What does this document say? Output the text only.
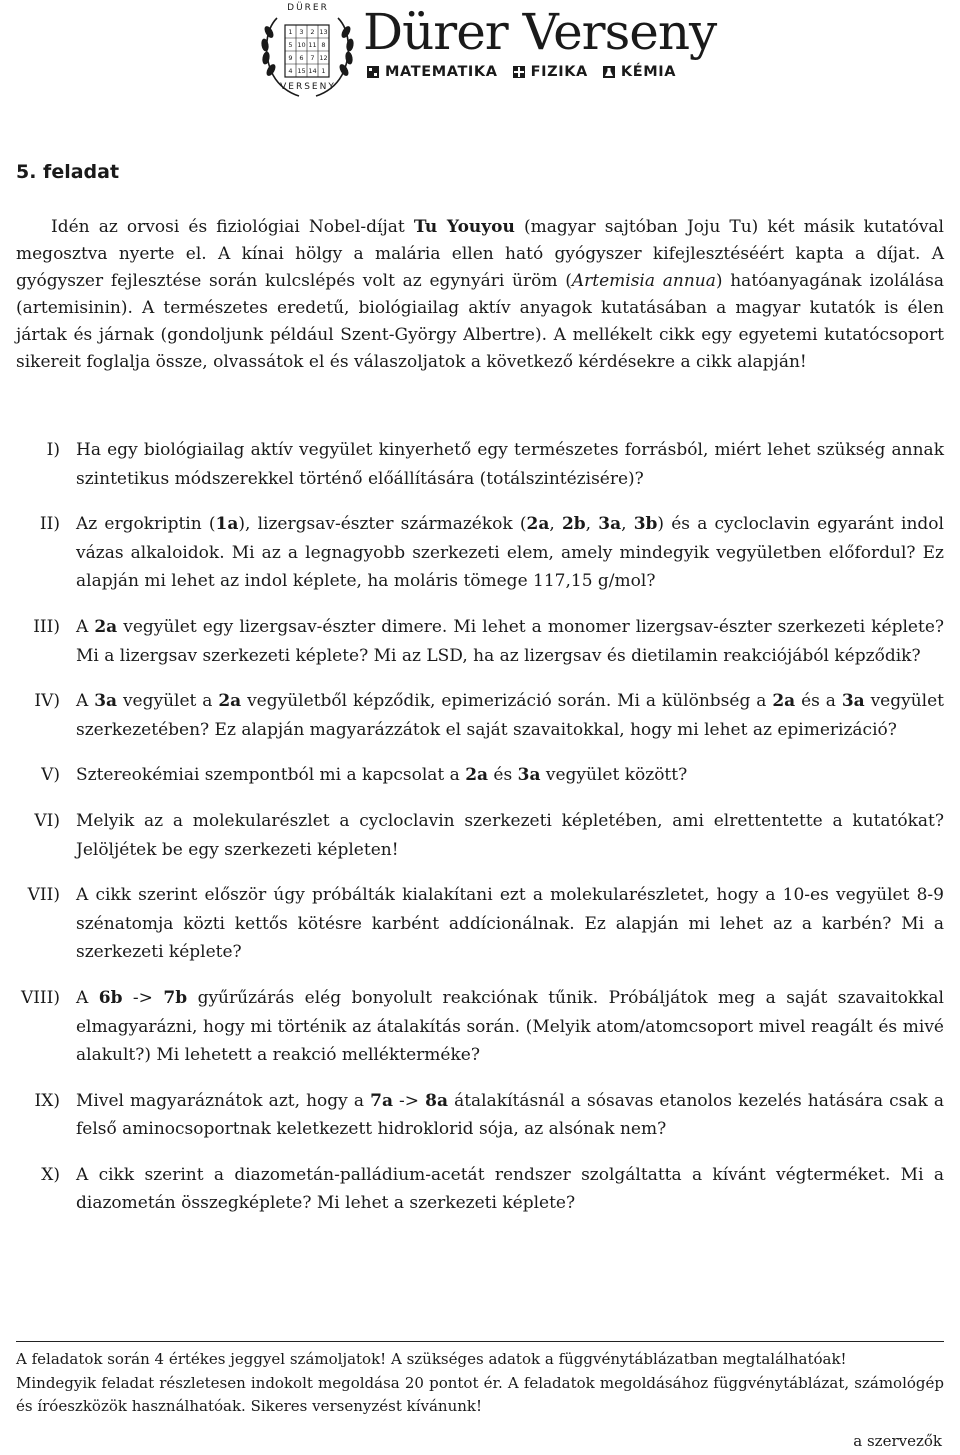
1 3 2 13
5 10 11 8
9 6 7 12
4 15 14 1
DÜRER
VERSENY
Dürer Verseny
MATEMATIKA FIZIKA KÉMIA
5. feladat

Idén az orvosi és fiziológiai Nobel-díjat Tu Youyou (magyar sajtóban Joju Tu) két másik kutatóval megosztva nyerte el. A kínai hölgy a malária ellen ható gyógyszer kifejlesztéséért kapta a díjat. A gyógyszer fejlesztése során kulcslépés volt az egynyári üröm (Artemisia annua) hatóanyagának izolálása (artemisinin). A természetes eredetű, biológiailag aktív anyagok kutatásában a magyar kutatók is élen jártak és járnak (gondoljunk például Szent-György Albertre). A mellékelt cikk egy egyetemi kutatócsoport sikereit foglalja össze, olvassátok el és válaszoljatok a következő kérdésekre a cikk alapján!

I) Ha egy biológiailag aktív vegyület kinyerhető egy természetes forrásból, miért lehet szükség annak szintetikus módszerekkel történő előállítására (totálszintézisére)?
II) Az ergokriptin (1a), lizergsav-észter származékok (2a, 2b, 3a, 3b) és a cycloclavin egyaránt indol vázas alkaloidok. Mi az a legnagyobb szerkezeti elem, amely mindegyik vegyületben előfordul? Ez alapján mi lehet az indol képlete, ha moláris tömege 117,15 g/mol?
III) A 2a vegyület egy lizergsav-észter dimere. Mi lehet a monomer lizergsav-észter szerkezeti képlete? Mi a lizergsav szerkezeti képlete? Mi az LSD, ha az lizergsav és dietilamin reakciójából képződik?
IV) A 3a vegyület a 2a vegyületből képződik, epimerizáció során. Mi a különbség a 2a és a 3a vegyület szerkezetében? Ez alapján magyarázzátok el saját szavaitokkal, hogy mi lehet az epimerizáció?
V) Sztereokémiai szempontból mi a kapcsolat a 2a és 3a vegyület között?
VI) Melyik az a molekularészlet a cycloclavin szerkezeti képletében, ami elrettentette a kutatókat? Jelöljétek be egy szerkezeti képleten!
VII) A cikk szerint először úgy próbálták kialakítani ezt a molekularészletet, hogy a 10-es vegyület 8-9 szénatomja közti kettős kötésre karbént addícionálnak. Ez alapján mi lehet az a karbén? Mi a szerkezeti képlete?
VIII) A 6b -> 7b gyűrűzárás elég bonyolult reakciónak tűnik. Próbáljátok meg a saját szavaitokkal elmagyarázni, hogy mi történik az átalakítás során. (Melyik atom/atomcsoport mivel reagált és mivé alakult?) Mi lehetett a reakció mellékterméke?
IX) Mivel magyaráznátok azt, hogy a 7a -> 8a átalakításnál a sósavas etanolos kezelés hatására csak a felső aminocsoportnak keletkezett hidroklorid sója, az alsónak nem?
X) A cikk szerint a diazometán-palládium-acetát rendszer szolgáltatta a kívánt végterméket. Mi a diazometán összegképlete? Mi lehet a szerkezeti képlete?

A feladatok során 4 értékes jeggyel számoljatok! A szükséges adatok a függvénytáblázatban megtalálhatóak!

Mindegyik feladat részletesen indokolt megoldása 20 pontot ér. A feladatok megoldásához függvénytáblázat, számológép és íróeszközök használhatóak. Sikeres versenyzést kívánunk!

a szervezők
